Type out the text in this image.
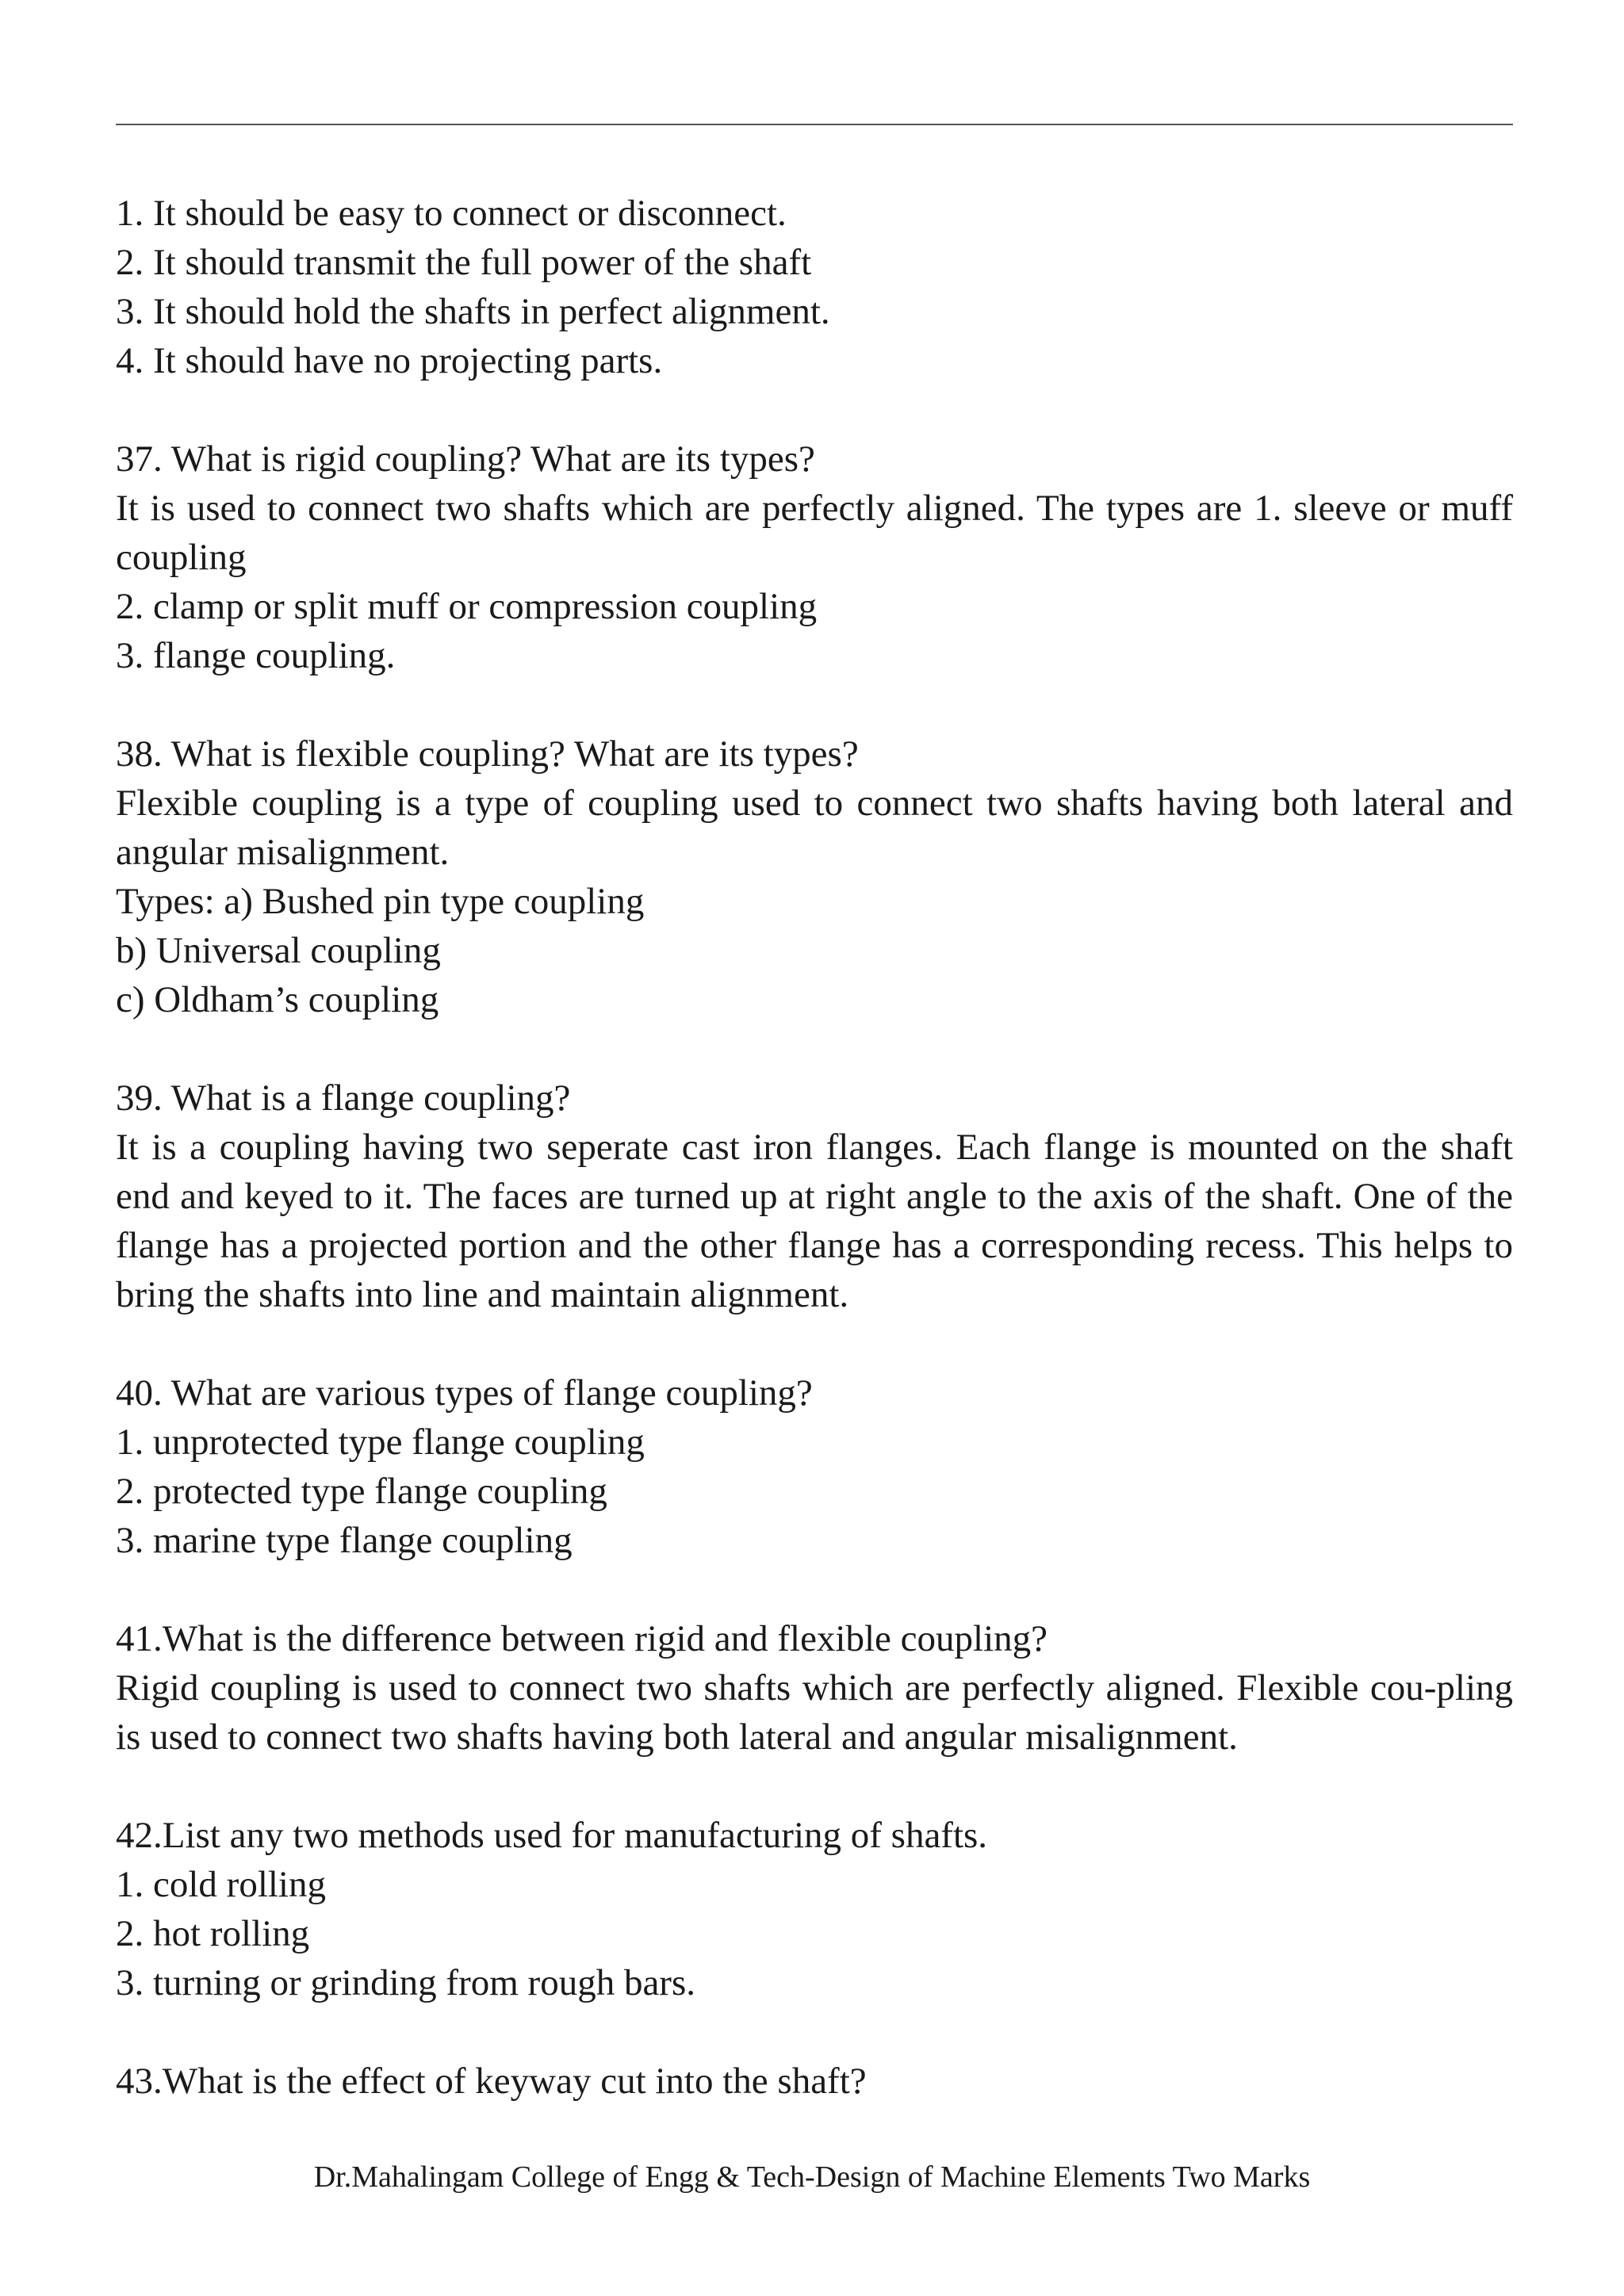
1. It should be easy to connect or disconnect.
2. It should transmit the full power of the shaft
3. It should hold the shafts in perfect alignment.
4. It should have no projecting parts.
37. What is rigid coupling? What are its types?
It is used to connect two shafts which are perfectly aligned. The types are 1. sleeve or muff coupling
2. clamp or split muff or compression coupling
3. flange coupling.
38. What is flexible coupling? What are its types?
Flexible coupling is a type of coupling used to connect two shafts having both lateral and angular misalignment.
Types: a) Bushed pin type coupling
b) Universal coupling
c) Oldham’s coupling
39. What is a flange coupling?
It is a coupling having two seperate cast iron flanges. Each flange is mounted on the shaft end and keyed to it. The faces are turned up at right angle to the axis of the shaft. One of the flange has a projected portion and the other flange has a corresponding recess. This helps to bring the shafts into line and maintain alignment.
40. What are various types of flange coupling?
1. unprotected type flange coupling
2. protected type flange coupling
3. marine type flange coupling
41.What is the difference between rigid and flexible coupling?
Rigid coupling is used to connect two shafts which are perfectly aligned. Flexible cou-pling is used to connect two shafts having both lateral and angular misalignment.
42.List any two methods used for manufacturing of shafts.
1. cold rolling
2. hot rolling
3. turning or grinding from rough bars.
43.What is the effect of keyway cut into the shaft?
Dr.Mahalingam College of Engg & Tech-Design of Machine Elements Two Marks
